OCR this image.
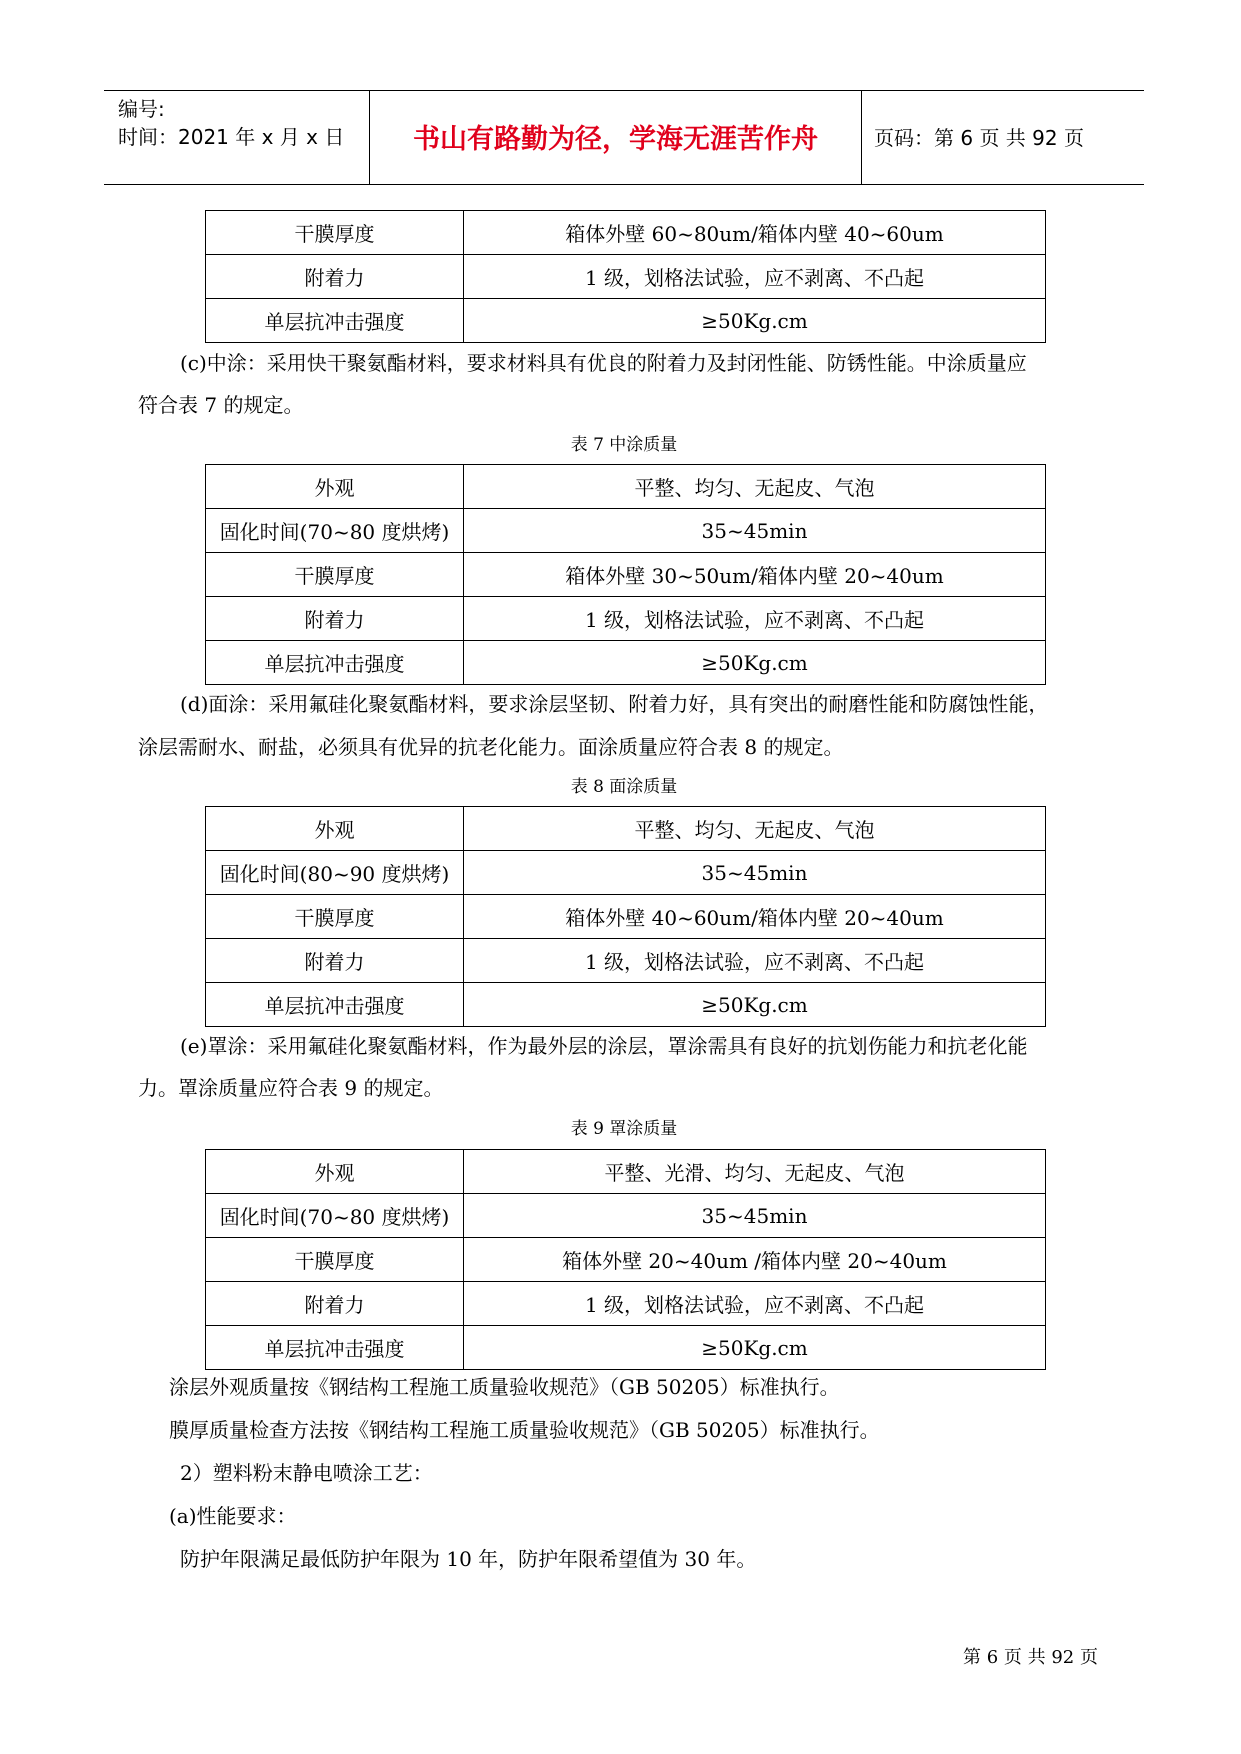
编号:
时间：2021 年 x 月 x 日	书山有路勤为径，学海无涯苦作舟	页码：第 6 页 共 92 页
干膜厚度	箱体外壁 60~80um/箱体内壁 40~60um
附着力	1 级，划格法试验，应不剥离、不凸起
单层抗冲击强度	≥50Kg.cm
(c)中涂：采用快干聚氨酯材料，要求材料具有优良的附着力及封闭性能、防锈性能。中涂质量应
符合表 7 的规定。
表 7 中涂质量
外观	平整、均匀、无起皮、气泡
固化时间(70~80 度烘烤)	35~45min
干膜厚度	箱体外壁 30~50um/箱体内壁 20~40um
附着力	1 级，划格法试验，应不剥离、不凸起
单层抗冲击强度	≥50Kg.cm
(d)面涂：采用氟硅化聚氨酯材料，要求涂层坚韧、附着力好，具有突出的耐磨性能和防腐蚀性能，
涂层需耐水、耐盐，必须具有优异的抗老化能力。面涂质量应符合表 8 的规定。
表 8 面涂质量
外观	平整、均匀、无起皮、气泡
固化时间(80~90 度烘烤)	35~45min
干膜厚度	箱体外壁 40~60um/箱体内壁 20~40um
附着力	1 级，划格法试验，应不剥离、不凸起
单层抗冲击强度	≥50Kg.cm
(e)罩涂：采用氟硅化聚氨酯材料，作为最外层的涂层，罩涂需具有良好的抗划伤能力和抗老化能
力。罩涂质量应符合表 9 的规定。
表 9 罩涂质量
外观	平整、光滑、均匀、无起皮、气泡
固化时间(70~80 度烘烤)	35~45min
干膜厚度	箱体外壁 20~40um /箱体内壁 20~40um
附着力	1 级，划格法试验，应不剥离、不凸起
单层抗冲击强度	≥50Kg.cm
涂层外观质量按《钢结构工程施工质量验收规范》（GB 50205）标准执行。
膜厚质量检查方法按《钢结构工程施工质量验收规范》（GB 50205）标准执行。
2）塑料粉末静电喷涂工艺：
(a)性能要求：
防护年限满足最低防护年限为 10 年，防护年限希望值为 30 年。
第 6 页 共 92 页
